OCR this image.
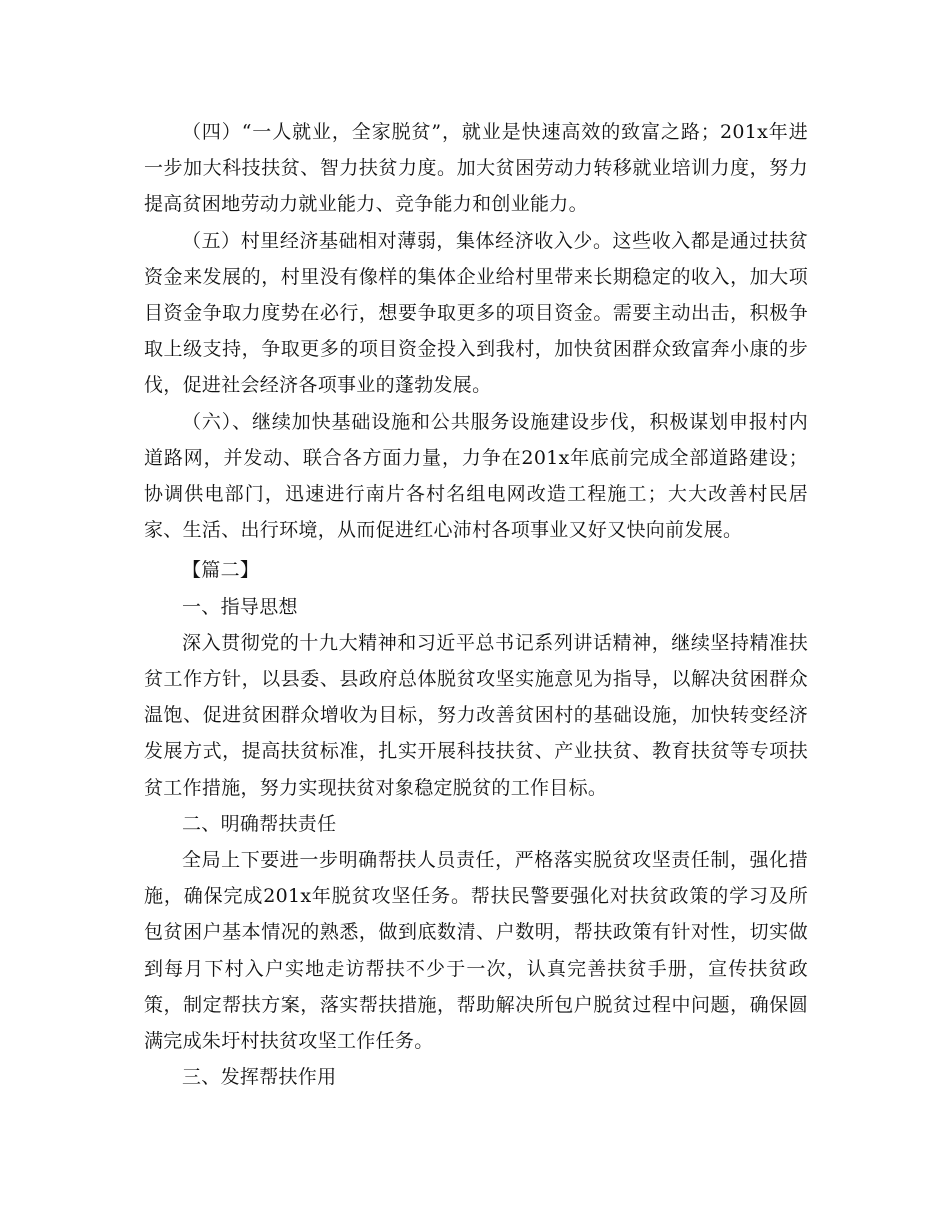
（四）“一人就业，全家脱贫”，就业是快速高效的致富之路；201x年进一步加大科技扶贫、智力扶贫力度。加大贫困劳动力转移就业培训力度，努力提高贫困地劳动力就业能力、竞争能力和创业能力。

（五）村里经济基础相对薄弱，集体经济收入少。这些收入都是通过扶贫资金来发展的，村里没有像样的集体企业给村里带来长期稳定的收入，加大项目资金争取力度势在必行，想要争取更多的项目资金。需要主动出击，积极争取上级支持，争取更多的项目资金投入到我村，加快贫困群众致富奔小康的步伐，促进社会经济各项事业的蓬勃发展。

（六）、继续加快基础设施和公共服务设施建设步伐，积极谋划申报村内道路网，并发动、联合各方面力量，力争在201x年底前完成全部道路建设；协调供电部门，迅速进行南片各村名组电网改造工程施工；大大改善村民居家、生活、出行环境，从而促进红心沛村各项事业又好又快向前发展。

【篇二】

一、指导思想

深入贯彻党的十九大精神和习近平总书记系列讲话精神，继续坚持精准扶贫工作方针，以县委、县政府总体脱贫攻坚实施意见为指导，以解决贫困群众温饱、促进贫困群众增收为目标，努力改善贫困村的基础设施，加快转变经济发展方式，提高扶贫标准，扎实开展科技扶贫、产业扶贫、教育扶贫等专项扶贫工作措施，努力实现扶贫对象稳定脱贫的工作目标。

二、明确帮扶责任

全局上下要进一步明确帮扶人员责任，严格落实脱贫攻坚责任制，强化措施，确保完成201x年脱贫攻坚任务。帮扶民警要强化对扶贫政策的学习及所包贫困户基本情况的熟悉，做到底数清、户数明，帮扶政策有针对性，切实做到每月下村入户实地走访帮扶不少于一次，认真完善扶贫手册，宣传扶贫政策，制定帮扶方案，落实帮扶措施，帮助解决所包户脱贫过程中问题，确保圆满完成朱圩村扶贫攻坚工作任务。

三、发挥帮扶作用
